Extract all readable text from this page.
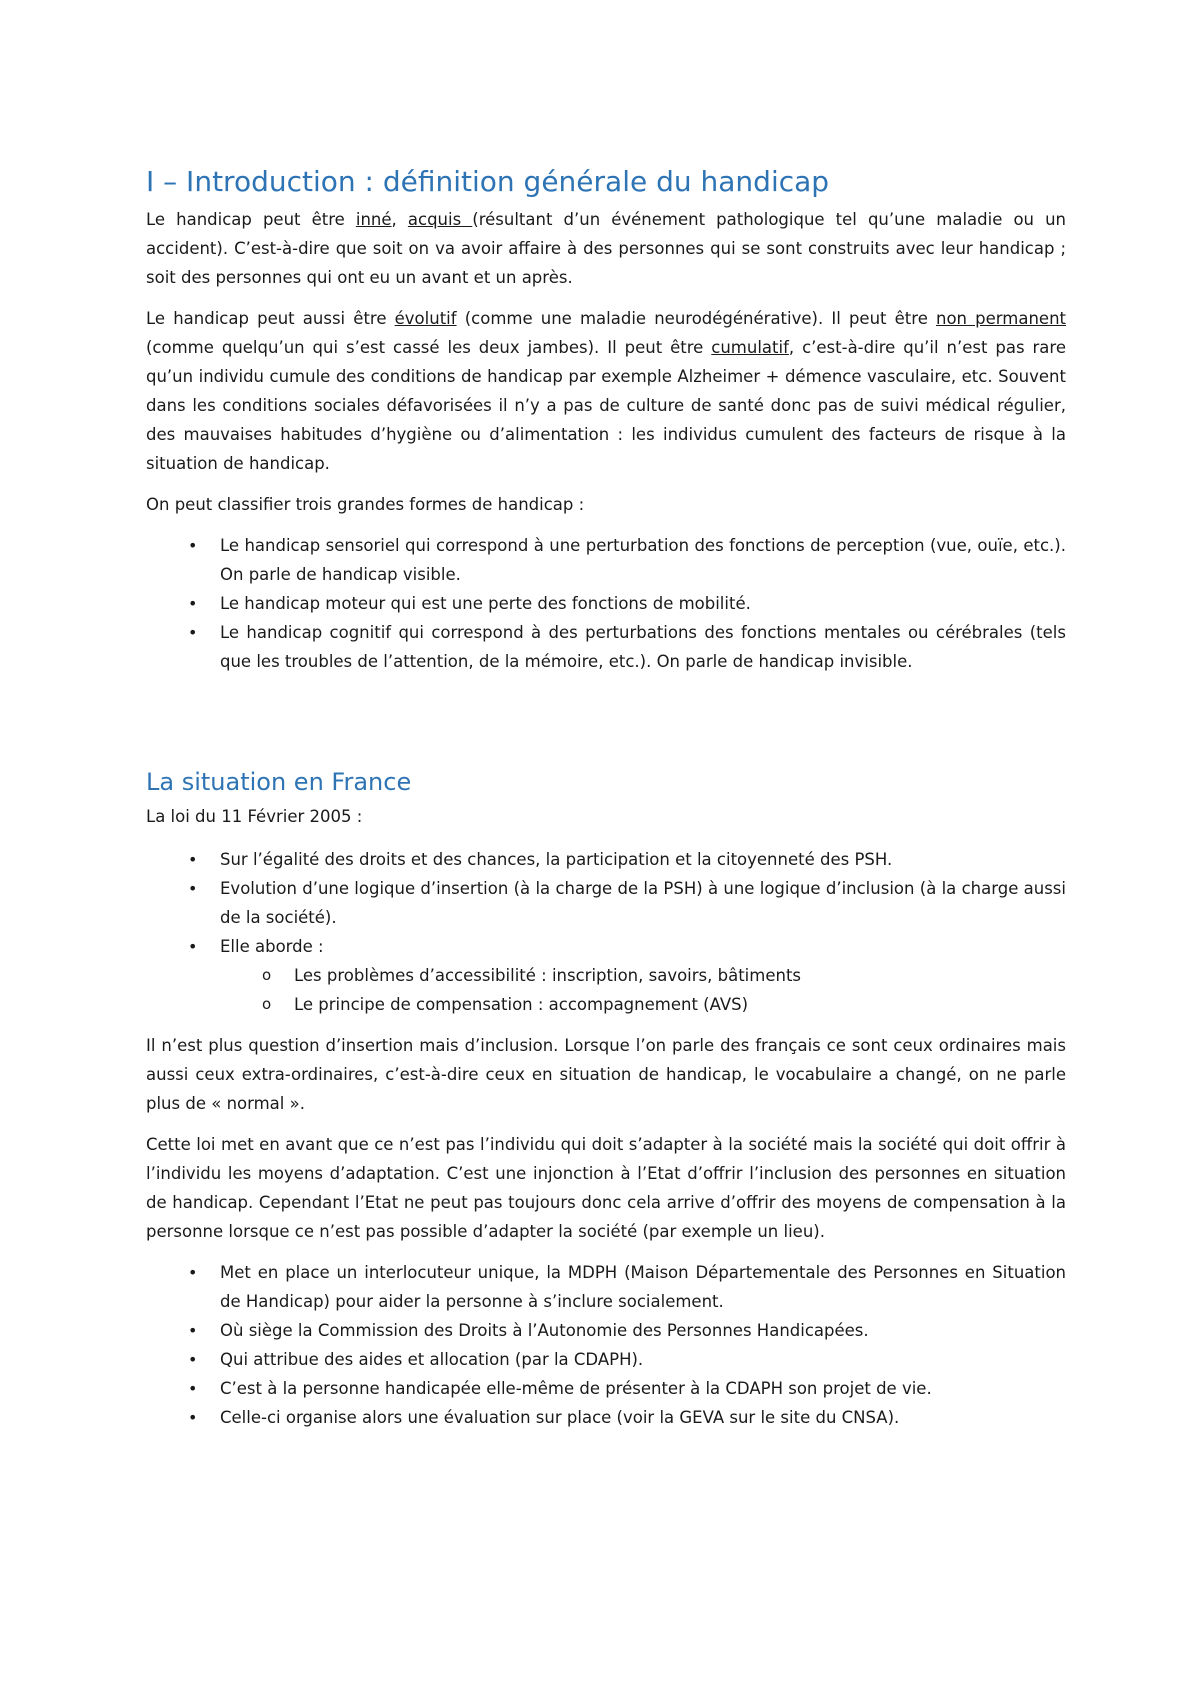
I – Introduction : définition générale du handicap

Le handicap peut être inné, acquis (résultant d’un événement pathologique tel qu’une maladie ou un accident). C’est-à-dire que soit on va avoir affaire à des personnes qui se sont construits avec leur handicap ; soit des personnes qui ont eu un avant et un après.

Le handicap peut aussi être évolutif (comme une maladie neurodégénérative). Il peut être non permanent (comme quelqu’un qui s’est cassé les deux jambes). Il peut être cumulatif, c’est-à-dire qu’il n’est pas rare qu’un individu cumule des conditions de handicap par exemple Alzheimer + démence vasculaire, etc. Souvent dans les conditions sociales défavorisées il n’y a pas de culture de santé donc pas de suivi médical régulier, des mauvaises habitudes d’hygiène ou d’alimentation : les individus cumulent des facteurs de risque à la situation de handicap.

On peut classifier trois grandes formes de handicap :

• Le handicap sensoriel qui correspond à une perturbation des fonctions de perception (vue, ouïe, etc.). On parle de handicap visible.
• Le handicap moteur qui est une perte des fonctions de mobilité.
• Le handicap cognitif qui correspond à des perturbations des fonctions mentales ou cérébrales (tels que les troubles de l’attention, de la mémoire, etc.). On parle de handicap invisible.
La situation en France

La loi du 11 Février 2005 :

• Sur l’égalité des droits et des chances, la participation et la citoyenneté des PSH.
• Evolution d’une logique d’insertion (à la charge de la PSH) à une logique d’inclusion (à la charge aussi de la société).
• Elle aborde :
o Les problèmes d’accessibilité : inscription, savoirs, bâtiments
o Le principe de compensation : accompagnement (AVS)

Il n’est plus question d’insertion mais d’inclusion. Lorsque l’on parle des français ce sont ceux ordinaires mais aussi ceux extra-ordinaires, c’est-à-dire ceux en situation de handicap, le vocabulaire a changé, on ne parle plus de « normal ».

Cette loi met en avant que ce n’est pas l’individu qui doit s’adapter à la société mais la société qui doit offrir à l’individu les moyens d’adaptation. C’est une injonction à l’Etat d’offrir l’inclusion des personnes en situation de handicap. Cependant l’Etat ne peut pas toujours donc cela arrive d’offrir des moyens de compensation à la personne lorsque ce n’est pas possible d’adapter la société (par exemple un lieu).

• Met en place un interlocuteur unique, la MDPH (Maison Départementale des Personnes en Situation de Handicap) pour aider la personne à s’inclure socialement.
• Où siège la Commission des Droits à l’Autonomie des Personnes Handicapées.
• Qui attribue des aides et allocation (par la CDAPH).
• C’est à la personne handicapée elle-même de présenter à la CDAPH son projet de vie.
• Celle-ci organise alors une évaluation sur place (voir la GEVA sur le site du CNSA).
